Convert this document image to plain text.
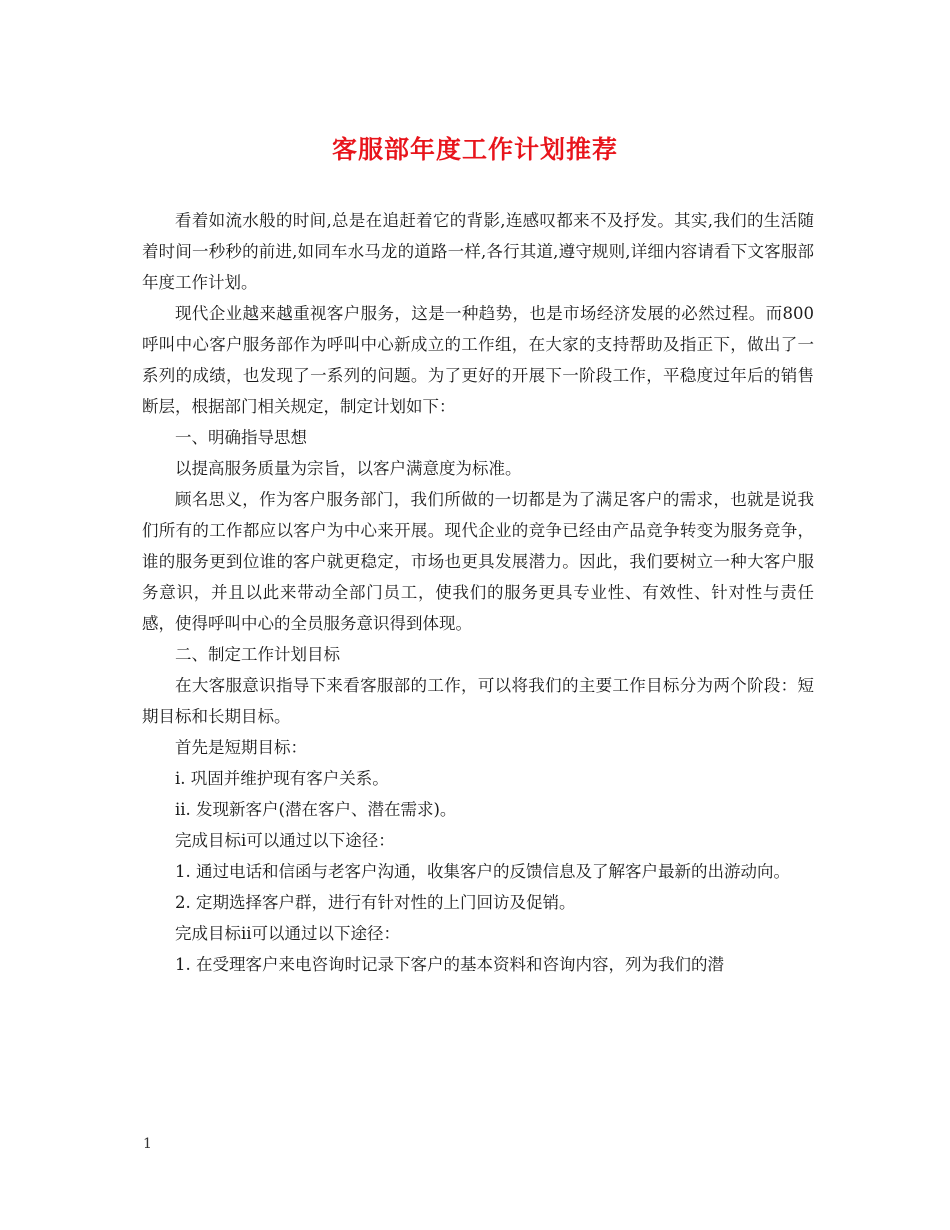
客服部年度工作计划推荐

看着如流水般的时间,总是在追赶着它的背影,连感叹都来不及抒发。其实,我们的生活随着时间一秒秒的前进,如同车水马龙的道路一样,各行其道,遵守规则,详细内容请看下文客服部年度工作计划。

现代企业越来越重视客户服务，这是一种趋势，也是市场经济发展的必然过程。而800呼叫中心客户服务部作为呼叫中心新成立的工作组，在大家的支持帮助及指正下，做出了一系列的成绩，也发现了一系列的问题。为了更好的开展下一阶段工作，平稳度过年后的销售断层，根据部门相关规定，制定计划如下：

一、明确指导思想

以提高服务质量为宗旨，以客户满意度为标准。

顾名思义，作为客户服务部门，我们所做的一切都是为了满足客户的需求，也就是说我们所有的工作都应以客户为中心来开展。现代企业的竞争已经由产品竞争转变为服务竞争，谁的服务更到位谁的客户就更稳定，市场也更具发展潜力。因此，我们要树立一种大客户服务意识，并且以此来带动全部门员工，使我们的服务更具专业性、有效性、针对性与责任感，使得呼叫中心的全员服务意识得到体现。

二、制定工作计划目标

在大客服意识指导下来看客服部的工作，可以将我们的主要工作目标分为两个阶段：短期目标和长期目标。

首先是短期目标：

i. 巩固并维护现有客户关系。

ii. 发现新客户(潜在客户、潜在需求)。

完成目标i可以通过以下途径：

1. 通过电话和信函与老客户沟通，收集客户的反馈信息及了解客户最新的出游动向。

2. 定期选择客户群，进行有针对性的上门回访及促销。

完成目标ii可以通过以下途径：

1. 在受理客户来电咨询时记录下客户的基本资料和咨询内容，列为我们的潜

1
